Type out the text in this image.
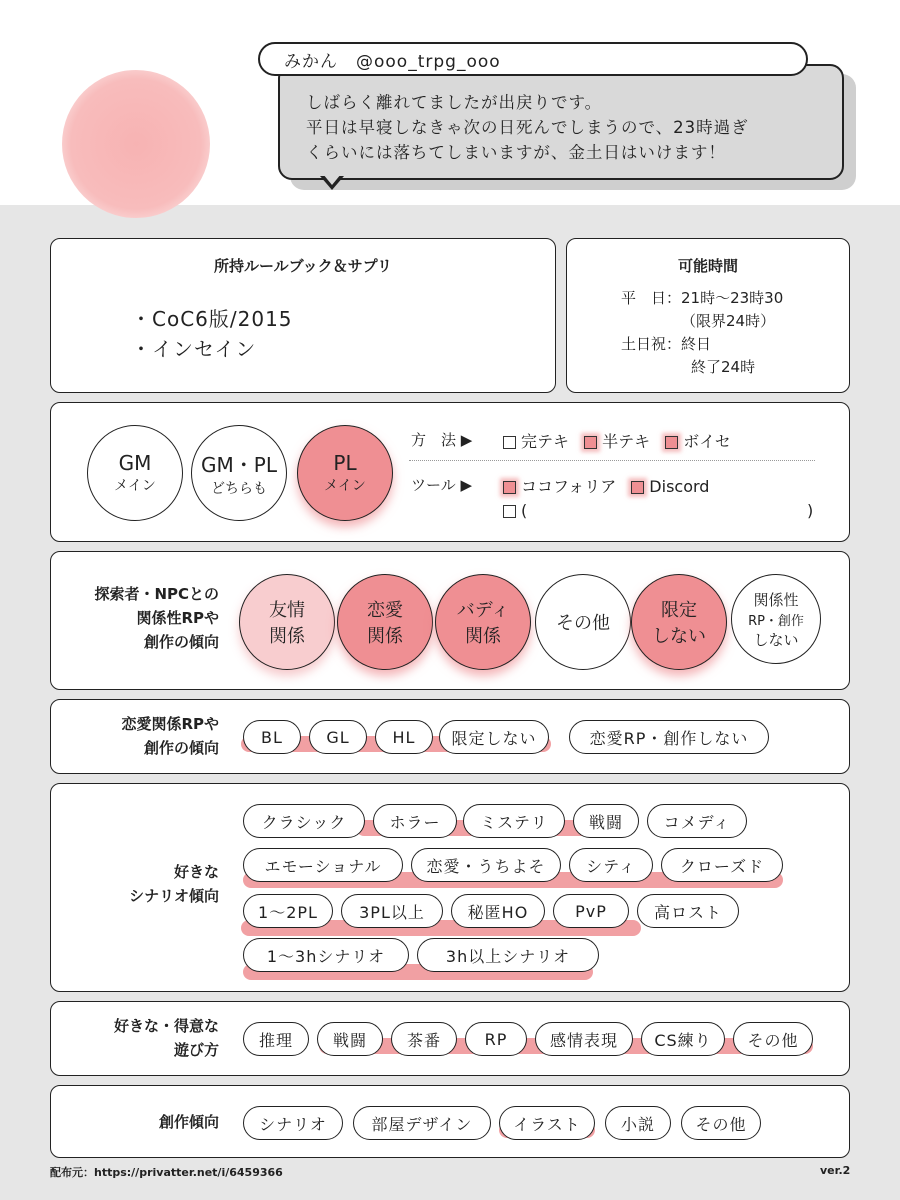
みかん　@ooo_trpg_ooo

しばらく離れてましたが出戻りです。

平日は早寝しなきゃ次の日死んでしまうので、23時過ぎ

くらいには落ちてしまいますが、金土日はいけます！

所持ルールブック＆サプリ
・CoC6版/2015
・インセイン
可能時間
平　日：21時〜23時30
（限界24時）
土日祝：終日
終了24時
GM
メイン
GM・PL
どちらも
PL
メイン
方　法 ▶	完テキ 半テキ ボイセ
ツール ▶	ココフォリア Discord
(	)
探索者・NPCとの
関係性RPや
創作の傾向
友情
関係
恋愛
関係
バディ
関係
その他
限定
しない
関係性
RP・創作
しない
恋愛関係RPや
創作の傾向
BL	GL	HL	限定しない	恋愛RP・創作しない
好きな
シナリオ傾向
クラシック	ホラー	ミステリ	戦闘	コメディ
エモーショナル	恋愛・うちよそ	シティ	クローズド
1〜2PL	3PL以上	秘匿HO	PvP	高ロスト
1〜3hシナリオ	3h以上シナリオ
好きな・得意な
遊び方
推理	戦闘	茶番	RP	感情表現	CS練り	その他
創作傾向	シナリオ	部屋デザイン	イラスト	小説	その他
配布元：https://privatter.net/i/6459366	ver.2
